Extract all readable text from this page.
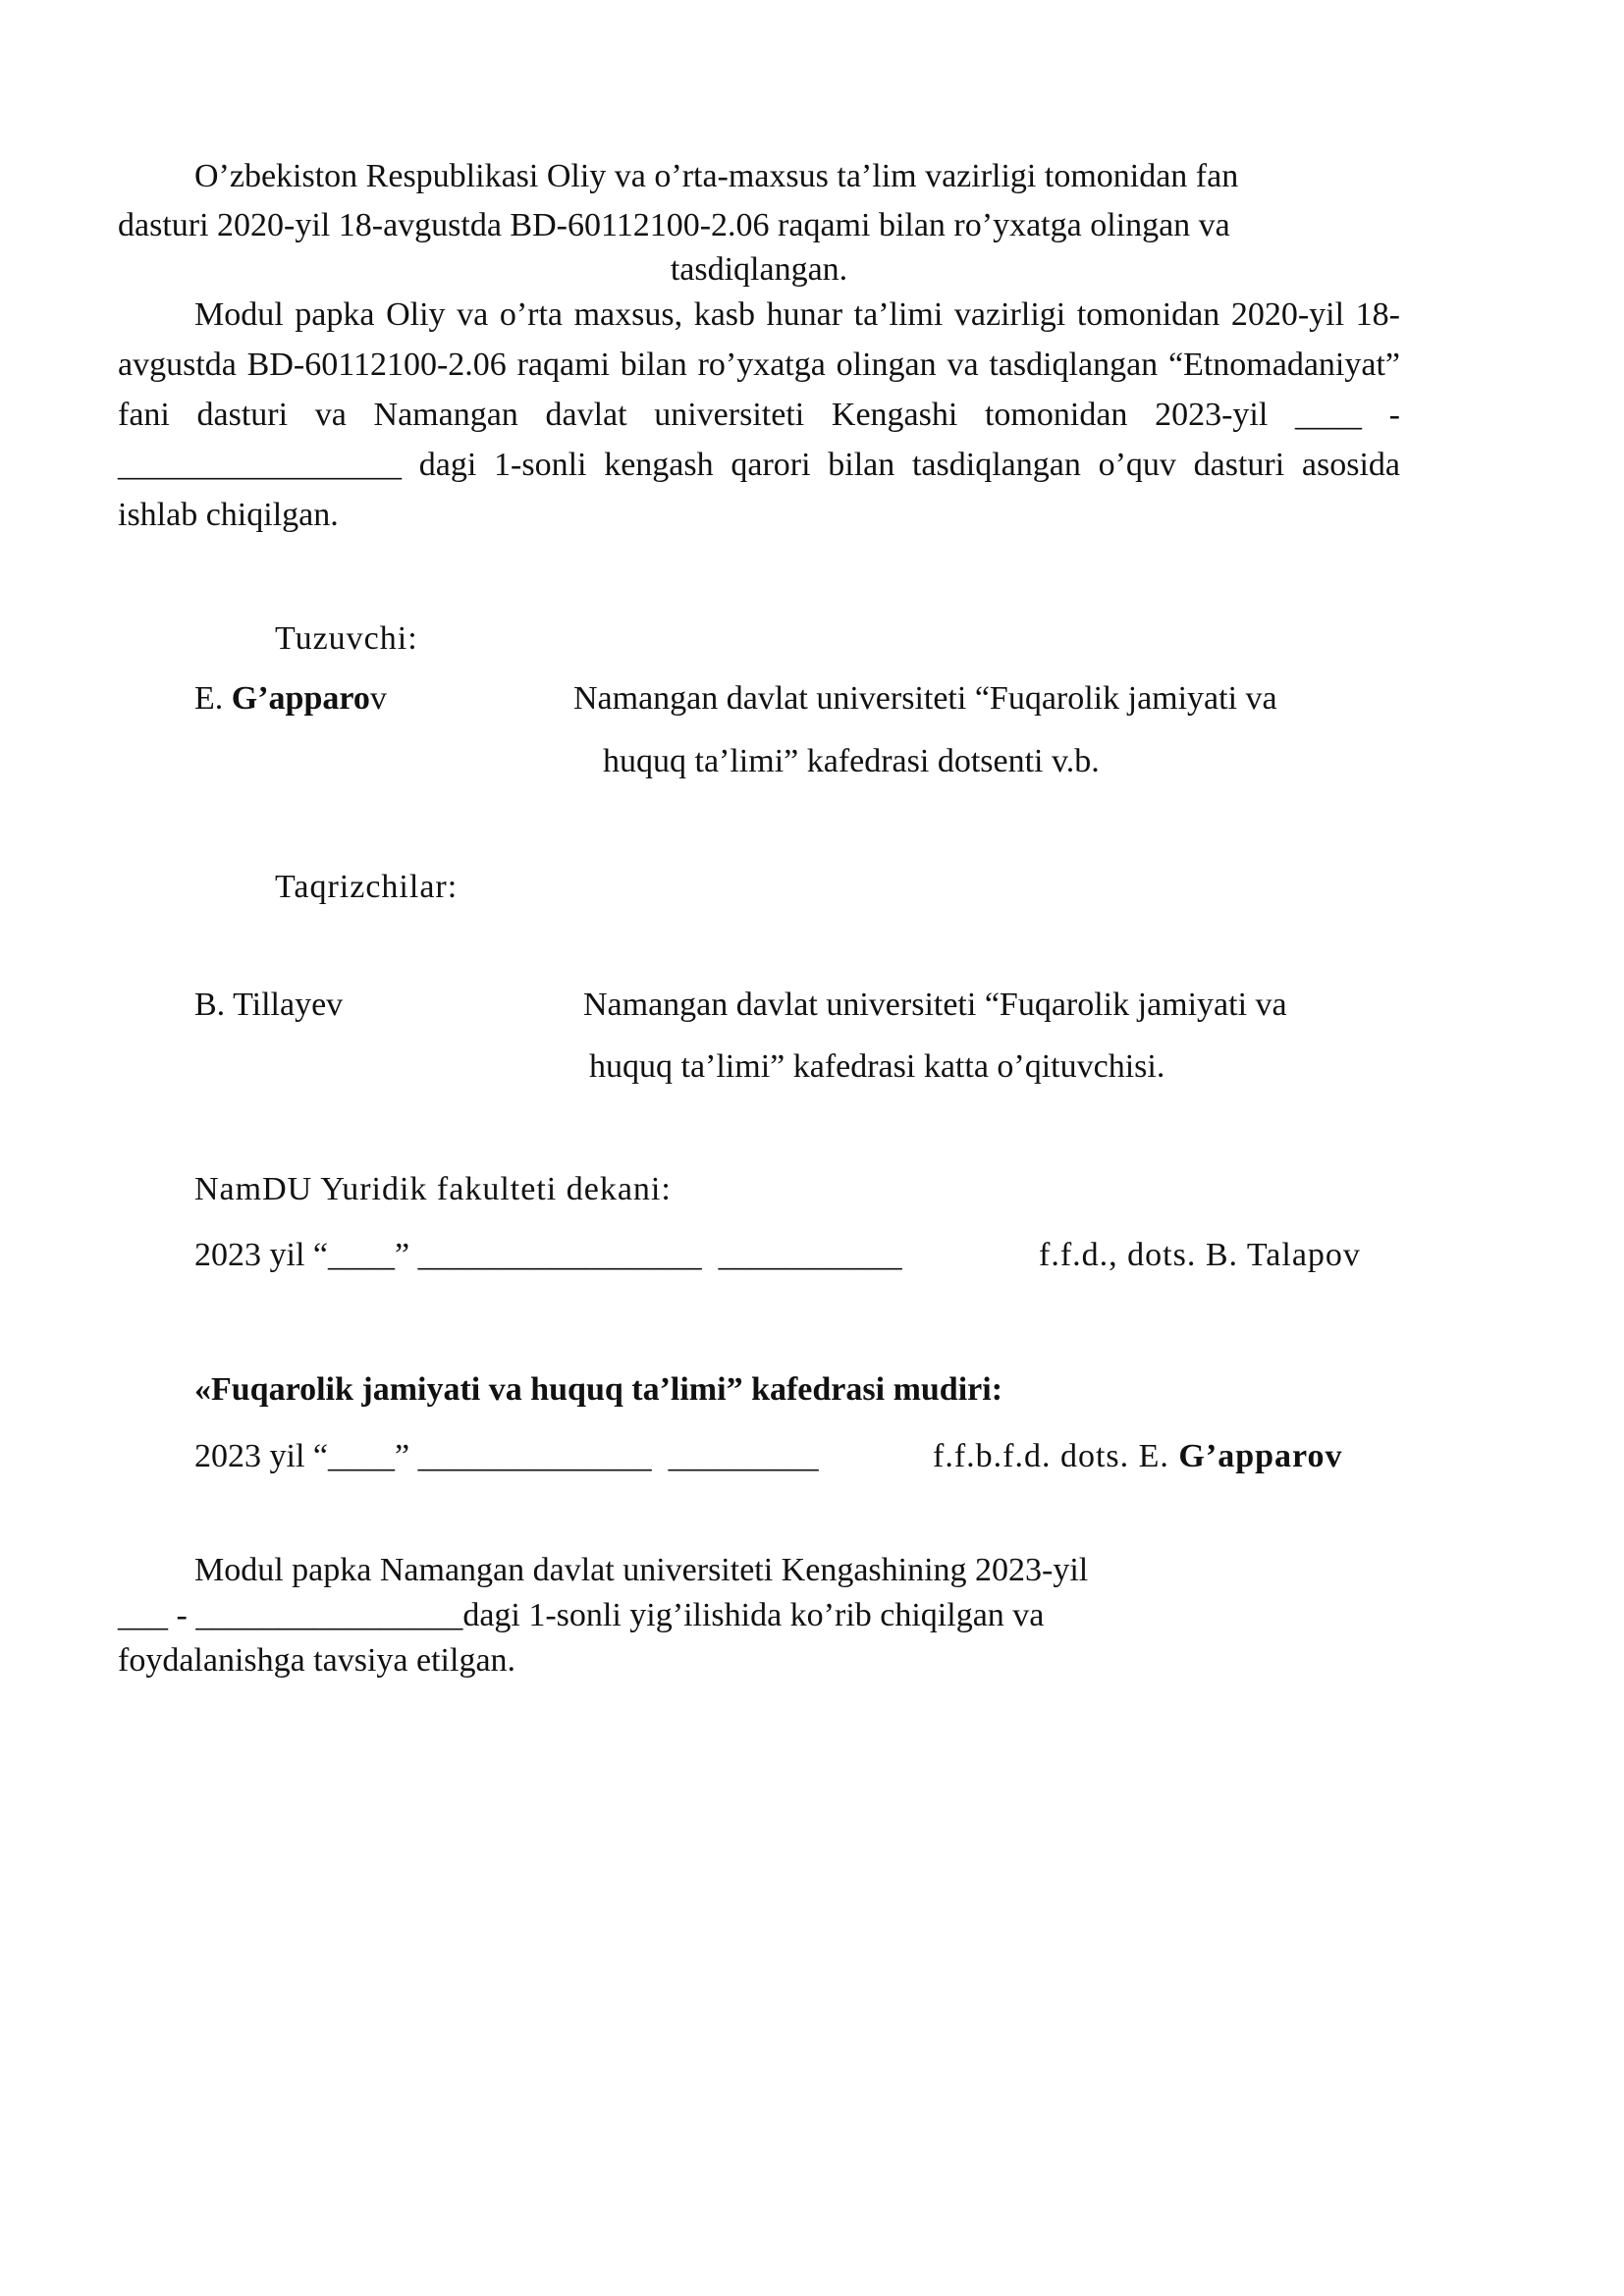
O’zbekiston Respublikasi Oliy va o’rta-maxsus ta’lim vazirligi tomonidan fan
dasturi 2020-yil 18-avgustda BD-60112100-2.06 raqami bilan ro’yxatga olingan va
tasdiqlangan.
Modul papka Oliy va o’rta maxsus, kasb hunar ta’limi vazirligi tomonidan 2020-yil 18-avgustda BD-60112100-2.06 raqami bilan ro’yxatga olingan va tasdiqlangan “Etnomadaniyat” fani dasturi va Namangan davlat universiteti Kengashi tomonidan 2023-yil ____ - _________________ dagi 1-sonli kengash qarori bilan tasdiqlangan o’quv dasturi asosida ishlab chiqilgan.
Tuzuvchi:
E. G’apparov	Namangan davlat universiteti “Fuqarolik jamiyati va
huquq ta’limi” kafedrasi dotsenti v.b.
Taqrizchilar:
B. Tillayev	Namangan davlat universiteti “Fuqarolik jamiyati va
huquq ta’limi” kafedrasi katta o’qituvchisi.
NamDU Yuridik fakulteti dekani:
2023 yil “____” _________________  ___________	f.f.d., dots. B. Talapov
«Fuqarolik jamiyati va huquq ta’limi” kafedrasi mudiri:
2023 yil “____” ______________  _________	f.f.b.f.d. dots. E. G’apparov
Modul papka Namangan davlat universiteti Kengashining 2023-yil
___ - ________________dagi 1-sonli yig’ilishida ko’rib chiqilgan va
foydalanishga tavsiya etilgan.
